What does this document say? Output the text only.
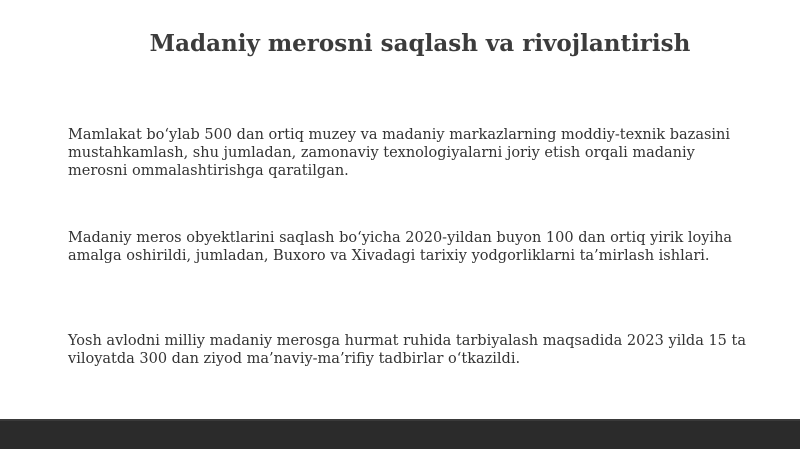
Madaniy merosni saqlash va rivojlantirish

Mamlakat bo‘ylab 500 dan ortiq muzey va madaniy markazlarning moddiy-texnik bazasini
mustahkamlash, shu jumladan, zamonaviy texnologiyalarni joriy etish orqali madaniy
merosni ommalashtirishga qaratilgan.

Madaniy meros obyektlarini saqlash bo‘yicha 2020-yildan buyon 100 dan ortiq yirik loyiha
amalga oshirildi, jumladan, Buxoro va Xivadagi tarixiy yodgorliklarni ta’mirlash ishlari.

Yosh avlodni milliy madaniy merosga hurmat ruhida tarbiyalash maqsadida 2023 yilda 15 ta
viloyatda 300 dan ziyod ma’naviy-ma’rifiy tadbirlar o‘tkazildi.
